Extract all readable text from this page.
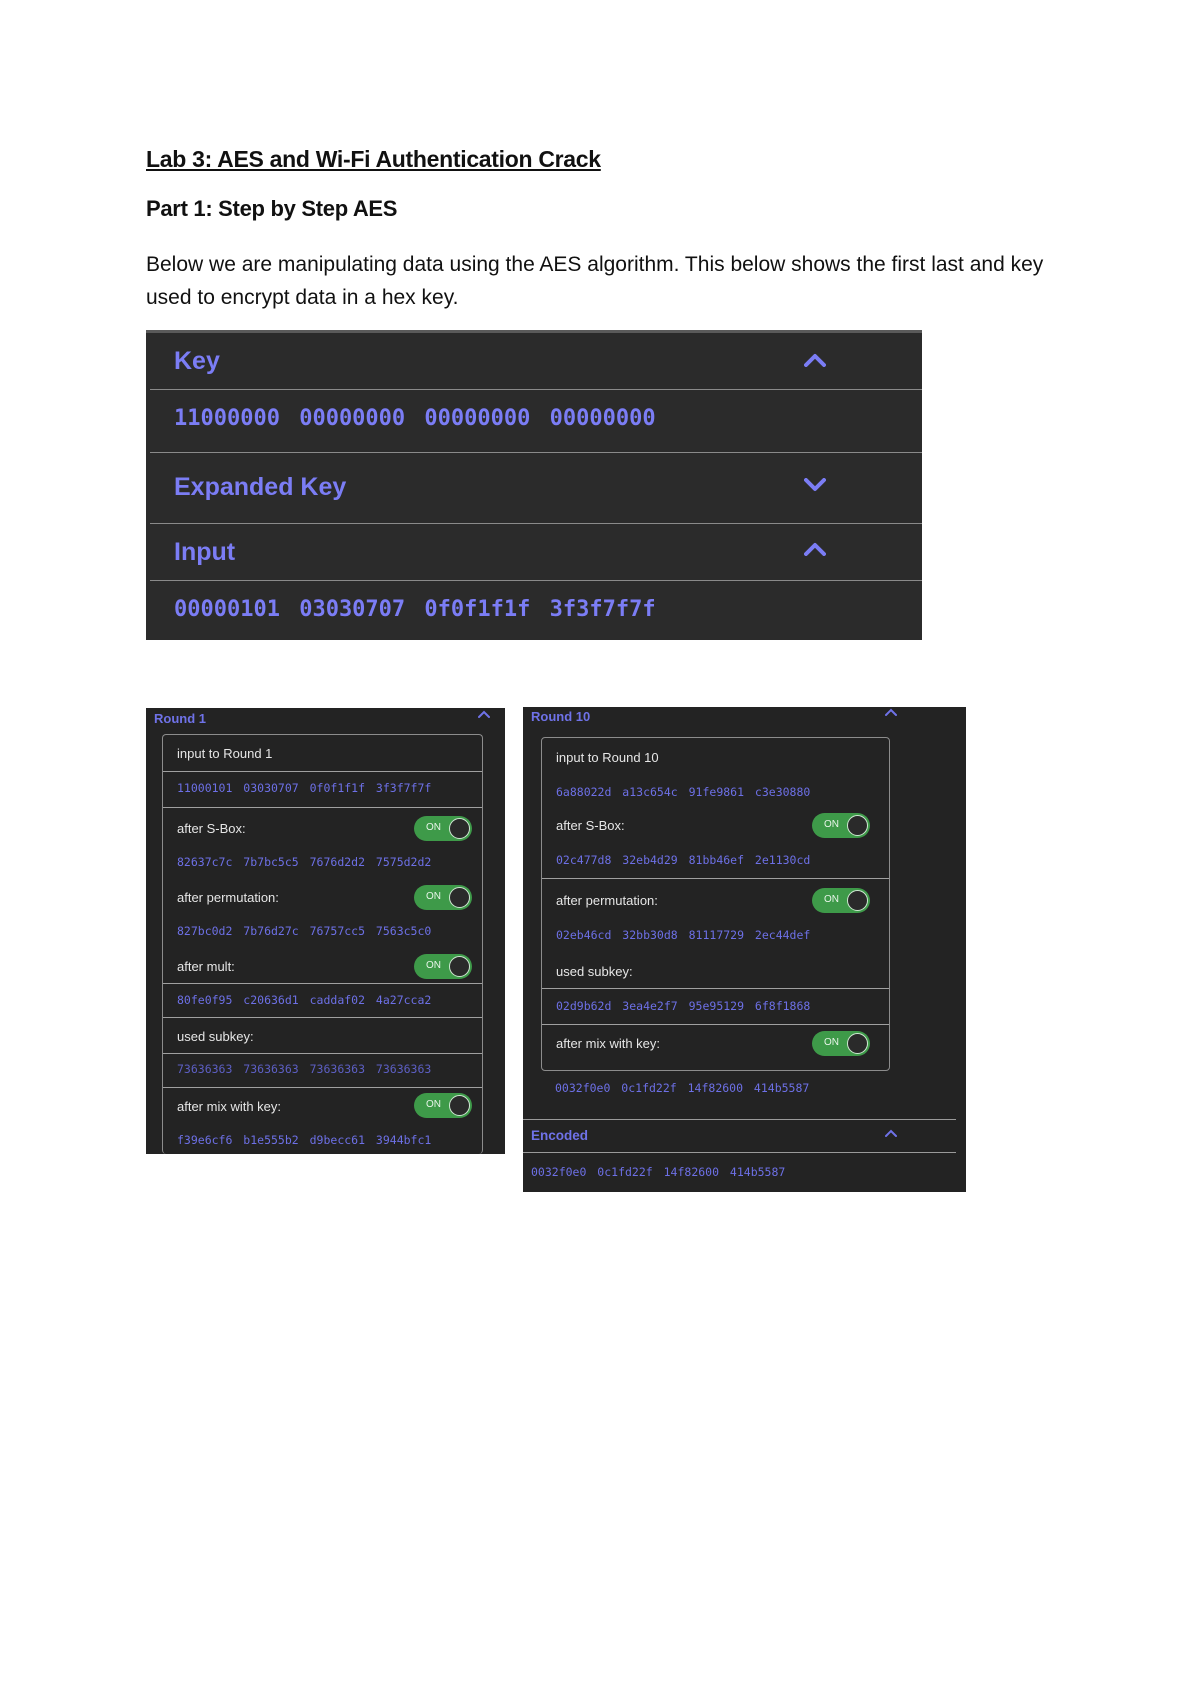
Lab 3: AES and Wi-Fi Authentication Crack
Part 1: Step by Step AES
Below we are manipulating data using the AES algorithm. This below shows the first last and key used to encrypt data in a hex key.
Key
11000000 00000000 00000000 00000000
Expanded Key
Input
00000101 03030707 0f0f1f1f 3f3f7f7f
Round 1
input to Round 1
11000101 03030707 0f0f1f1f 3f3f7f7f
after S-Box:	ON
82637c7c 7b7bc5c5 7676d2d2 7575d2d2
after permutation:	ON
827bc0d2 7b76d27c 76757cc5 7563c5c0
after mult:	ON
80fe0f95 c20636d1 caddaf02 4a27cca2
used subkey:
73636363 73636363 73636363 73636363
after mix with key:	ON
f39e6cf6 b1e555b2 d9becc61 3944bfc1
Round 10
input to Round 10
6a88022d a13c654c 91fe9861 c3e30880
after S-Box:	ON
02c477d8 32eb4d29 81bb46ef 2e1130cd
after permutation:	ON
02eb46cd 32bb30d8 81117729 2ec44def
used subkey:
02d9b62d 3ea4e2f7 95e95129 6f8f1868
after mix with key:	ON
0032f0e0 0c1fd22f 14f82600 414b5587
Encoded
0032f0e0 0c1fd22f 14f82600 414b5587
